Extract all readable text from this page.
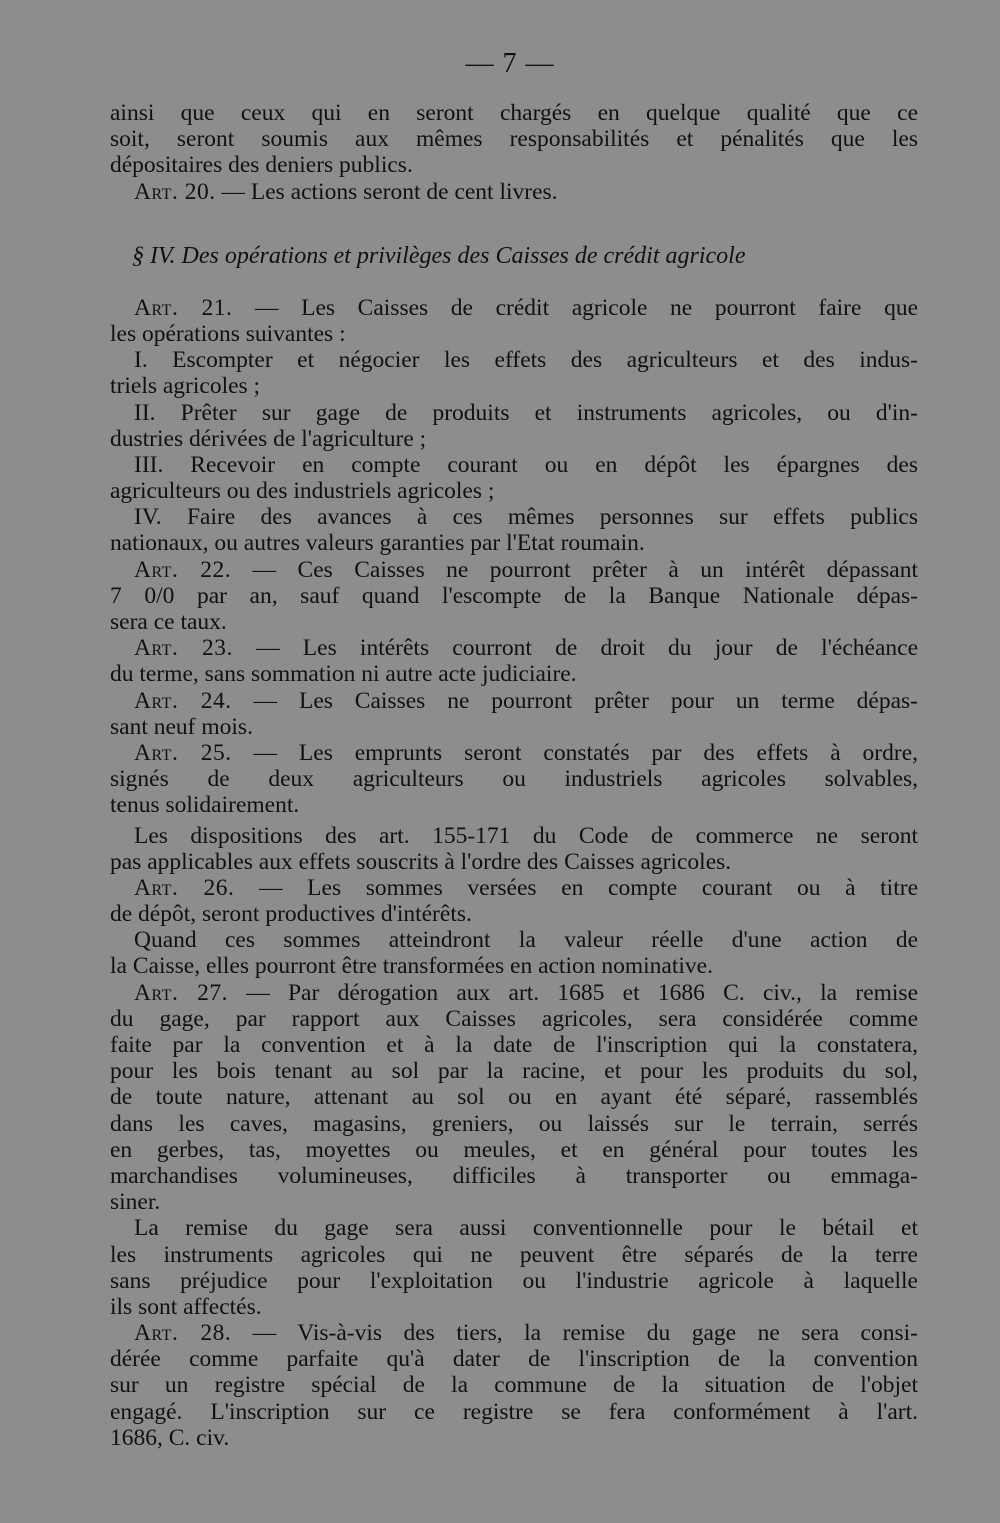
— 7 —
ainsi que ceux qui en seront chargés en quelque qualité que ce
soit, seront soumis aux mêmes responsabilités et pénalités que les
dépositaires des deniers publics.
Art. 20. — Les actions seront de cent livres.
§ IV. Des opérations et privilèges des Caisses de crédit agricole
Art. 21. — Les Caisses de crédit agricole ne pourront faire que
les opérations suivantes :
I. Escompter et négocier les effets des agriculteurs et des indus-
triels agricoles ;
II. Prêter sur gage de produits et instruments agricoles, ou d'in-
dustries dérivées de l'agriculture ;
III. Recevoir en compte courant ou en dépôt les épargnes des
agriculteurs ou des industriels agricoles ;
IV. Faire des avances à ces mêmes personnes sur effets publics
nationaux, ou autres valeurs garanties par l'Etat roumain.
Art. 22. — Ces Caisses ne pourront prêter à un intérêt dépassant
7 0/0 par an, sauf quand l'escompte de la Banque Nationale dépas-
sera ce taux.
Art. 23. — Les intérêts courront de droit du jour de l'échéance
du terme, sans sommation ni autre acte judiciaire.
Art. 24. — Les Caisses ne pourront prêter pour un terme dépas-
sant neuf mois.
Art. 25. — Les emprunts seront constatés par des effets à ordre,
signés de deux agriculteurs ou industriels agricoles solvables,
tenus solidairement.
Les dispositions des art. 155-171 du Code de commerce ne seront
pas applicables aux effets souscrits à l'ordre des Caisses agricoles.
Art. 26. — Les sommes versées en compte courant ou à titre
de dépôt, seront productives d'intérêts.
Quand ces sommes atteindront la valeur réelle d'une action de
la Caisse, elles pourront être transformées en action nominative.
Art. 27. — Par dérogation aux art. 1685 et 1686 C. civ., la remise
du gage, par rapport aux Caisses agricoles, sera considérée comme
faite par la convention et à la date de l'inscription qui la constatera,
pour les bois tenant au sol par la racine, et pour les produits du sol,
de toute nature, attenant au sol ou en ayant été séparé, rassemblés
dans les caves, magasins, greniers, ou laissés sur le terrain, serrés
en gerbes, tas, moyettes ou meules, et en général pour toutes les
marchandises volumineuses, difficiles à transporter ou emmaga-
siner.
La remise du gage sera aussi conventionnelle pour le bétail et
les instruments agricoles qui ne peuvent être séparés de la terre
sans préjudice pour l'exploitation ou l'industrie agricole à laquelle
ils sont affectés.
Art. 28. — Vis-à-vis des tiers, la remise du gage ne sera consi-
dérée comme parfaite qu'à dater de l'inscription de la convention
sur un registre spécial de la commune de la situation de l'objet
engagé. L'inscription sur ce registre se fera conformément à l'art.
1686, C. civ.
